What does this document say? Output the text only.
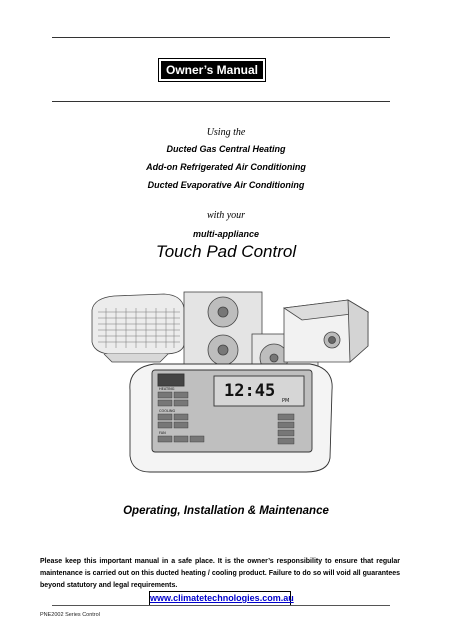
Owner’s Manual
Using the
Ducted Gas Central Heating
Add-on Refrigerated Air Conditioning
Ducted Evaporative Air Conditioning
with your
multi-appliance
Touch Pad Control
12:45 PM
HEATING
COOLING
FAN
Operating, Installation & Maintenance
Please keep this important manual in a safe place. It is the owner’s responsibility to ensure that regular maintenance is carried out on this ducted heating / cooling product. Failure to do so will void all guarantees beyond statutory and legal requirements.
www.climatetechnologies.com.au
PNE2002 Series Control
